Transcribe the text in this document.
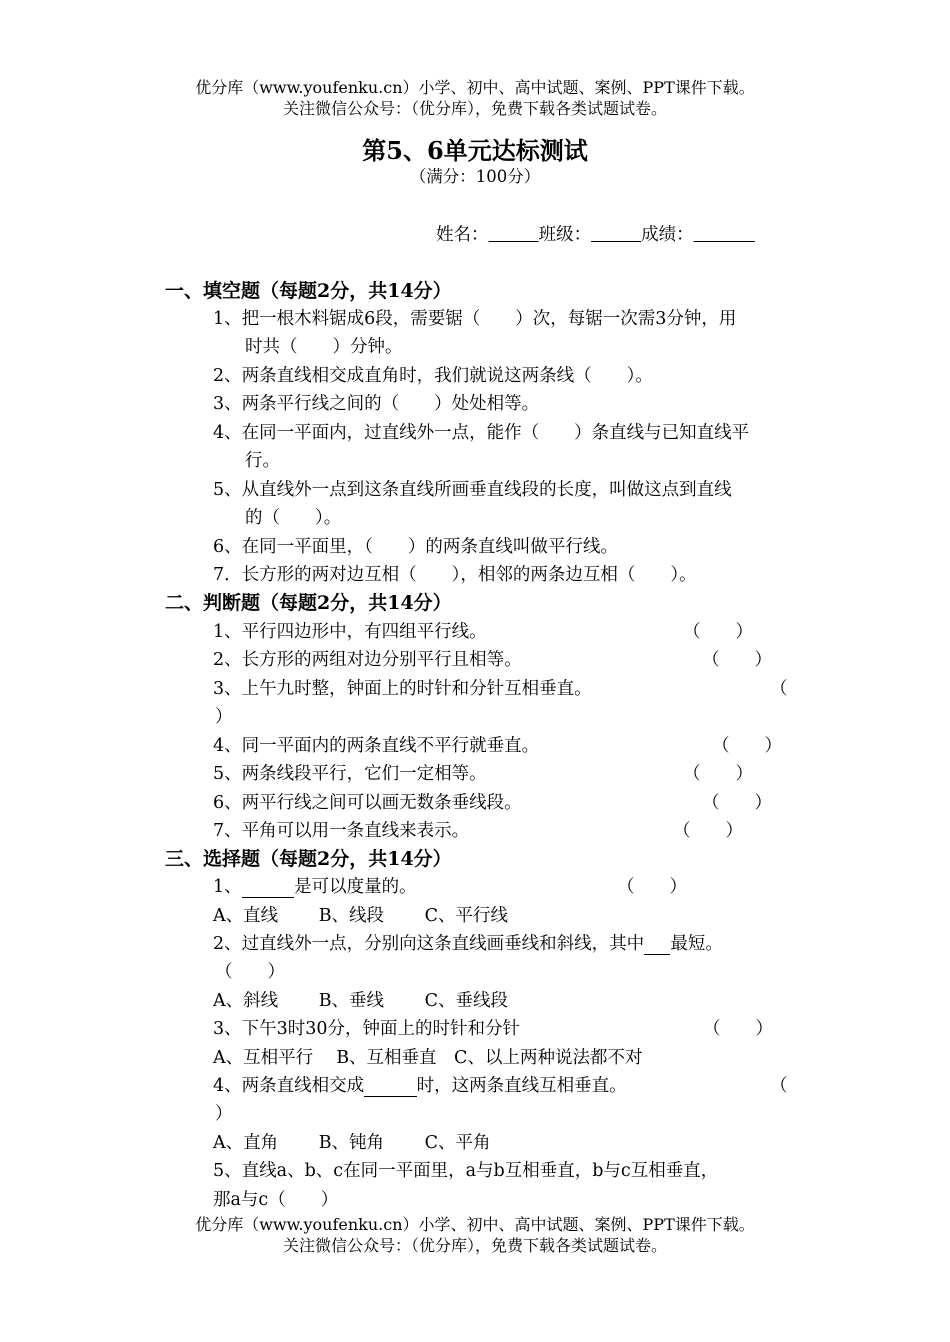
优分库（www.youfenku.cn）小学、初中、高中试题、案例、PPT课件下载。
关注微信公众号：（优分库），免费下载各类试题试卷。
第5、6单元达标测试
（满分：100分）
姓名：	班级：	成绩：
一、填空题（每题2分，共14分）
1、把一根木料锯成6段，需要锯（　　）次，每锯一次需3分钟，用
时共（　　）分钟。
2、两条直线相交成直角时，我们就说这两条线（　　）。
3、两条平行线之间的（　　）处处相等。
4、在同一平面内，过直线外一点，能作（　　）条直线与已知直线平
行。
5、从直线外一点到这条直线所画垂直线段的长度，叫做这点到直线
的（　　）。
6、在同一平面里，（　　）的两条直线叫做平行线。
7．长方形的两对边互相（　　），相邻的两条边互相（　　）。
二、判断题（每题2分，共14分）
1、平行四边形中，有四组平行线。	（　　）
2、长方形的两组对边分别平行且相等。	（　　）
3、上午九时整，钟面上的时针和分针互相垂直。	（
）
4、同一平面内的两条直线不平行就垂直。	（　　）
5、两条线段平行，它们一定相等。	（　　）
6、两平行线之间可以画无数条垂线段。	（　　）
7、平角可以用一条直线来表示。	（　　）
三、选择题（每题2分，共14分）
1、	是可以度量的。	（　　）
A、直线　　 B、线段　　 C、平行线
2、过直线外一点，分别向这条直线画垂线和斜线，其中 最短。
（　　）
A、斜线　　 B、垂线　　 C、垂线段
3、下午3时30分，钟面上的时针和分针	（　　）
A、互相平行　 B、互相垂直　C、以上两种说法都不对
4、两条直线相交成	时，这两条直线互相垂直。	（
）
A、直角　　 B、钝角　　 C、平角
5、直线a、b、c在同一平面里，a与b互相垂直，b与c互相垂直，
那a与c（　　）
优分库（www.youfenku.cn）小学、初中、高中试题、案例、PPT课件下载。
关注微信公众号：（优分库），免费下载各类试题试卷。
